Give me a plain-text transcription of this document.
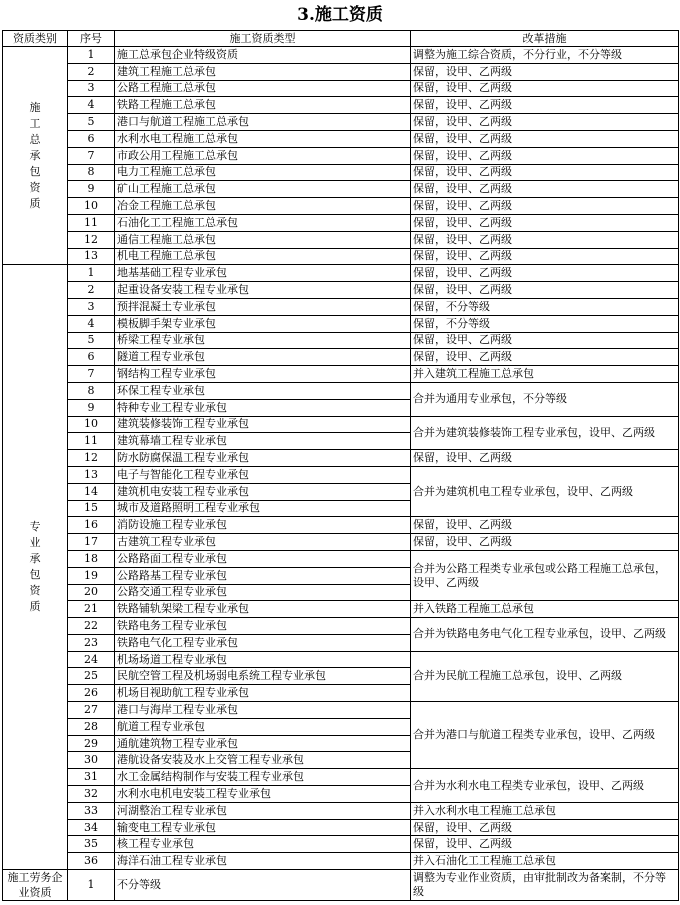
3.施工资质
资质类别	序号	施工资质类型	改革措施
施工总承包资质	1	施工总承包企业特级资质	调整为施工综合资质，不分行业，不分等级
	2	建筑工程施工总承包	保留，设甲、乙两级
	3	公路工程施工总承包	保留，设甲、乙两级
	4	铁路工程施工总承包	保留，设甲、乙两级
	5	港口与航道工程施工总承包	保留，设甲、乙两级
	6	水利水电工程施工总承包	保留，设甲、乙两级
	7	市政公用工程施工总承包	保留，设甲、乙两级
	8	电力工程施工总承包	保留，设甲、乙两级
	9	矿山工程施工总承包	保留，设甲、乙两级
	10	冶金工程施工总承包	保留，设甲、乙两级
	11	石油化工工程施工总承包	保留，设甲、乙两级
	12	通信工程施工总承包	保留，设甲、乙两级
	13	机电工程施工总承包	保留，设甲、乙两级
专业承包资质	1	地基基础工程专业承包	保留，设甲、乙两级
	2	起重设备安装工程专业承包	保留，设甲、乙两级
	3	预拌混凝土专业承包	保留，不分等级
	4	模板脚手架专业承包	保留，不分等级
	5	桥梁工程专业承包	保留，设甲、乙两级
	6	隧道工程专业承包	保留，设甲、乙两级
	7	钢结构工程专业承包	并入建筑工程施工总承包
	8	环保工程专业承包	合并为通用专业承包，不分等级
	9	特种专业工程专业承包	
	10	建筑装修装饰工程专业承包	合并为建筑装修装饰工程专业承包，设甲、乙两级
	11	建筑幕墙工程专业承包	
	12	防水防腐保温工程专业承包	保留，设甲、乙两级
	13	电子与智能化工程专业承包	合并为建筑机电工程专业承包，设甲、乙两级
	14	建筑机电安装工程专业承包	
	15	城市及道路照明工程专业承包	
	16	消防设施工程专业承包	保留，设甲、乙两级
	17	古建筑工程专业承包	保留，设甲、乙两级
	18	公路路面工程专业承包	合并为公路工程类专业承包或公路工程施工总承包，设甲、乙两级
	19	公路路基工程专业承包	
	20	公路交通工程专业承包	
	21	铁路铺轨架梁工程专业承包	并入铁路工程施工总承包
	22	铁路电务工程专业承包	合并为铁路电务电气化工程专业承包，设甲、乙两级
	23	铁路电气化工程专业承包	
	24	机场场道工程专业承包	合并为民航工程施工总承包，设甲、乙两级
	25	民航空管工程及机场弱电系统工程专业承包	
	26	机场目视助航工程专业承包	
	27	港口与海岸工程专业承包	合并为港口与航道工程类专业承包，设甲、乙两级
	28	航道工程专业承包	
	29	通航建筑物工程专业承包	
	30	港航设备安装及水上交管工程专业承包	
	31	水工金属结构制作与安装工程专业承包	合并为水利水电工程类专业承包，设甲、乙两级
	32	水利水电机电安装工程专业承包	
	33	河湖整治工程专业承包	并入水利水电工程施工总承包
	34	输变电工程专业承包	保留，设甲、乙两级
	35	核工程专业承包	保留，设甲、乙两级
	36	海洋石油工程专业承包	并入石油化工工程施工总承包
施工劳务企业资质	1	不分等级	调整为专业作业资质，由审批制改为备案制，不分等级
